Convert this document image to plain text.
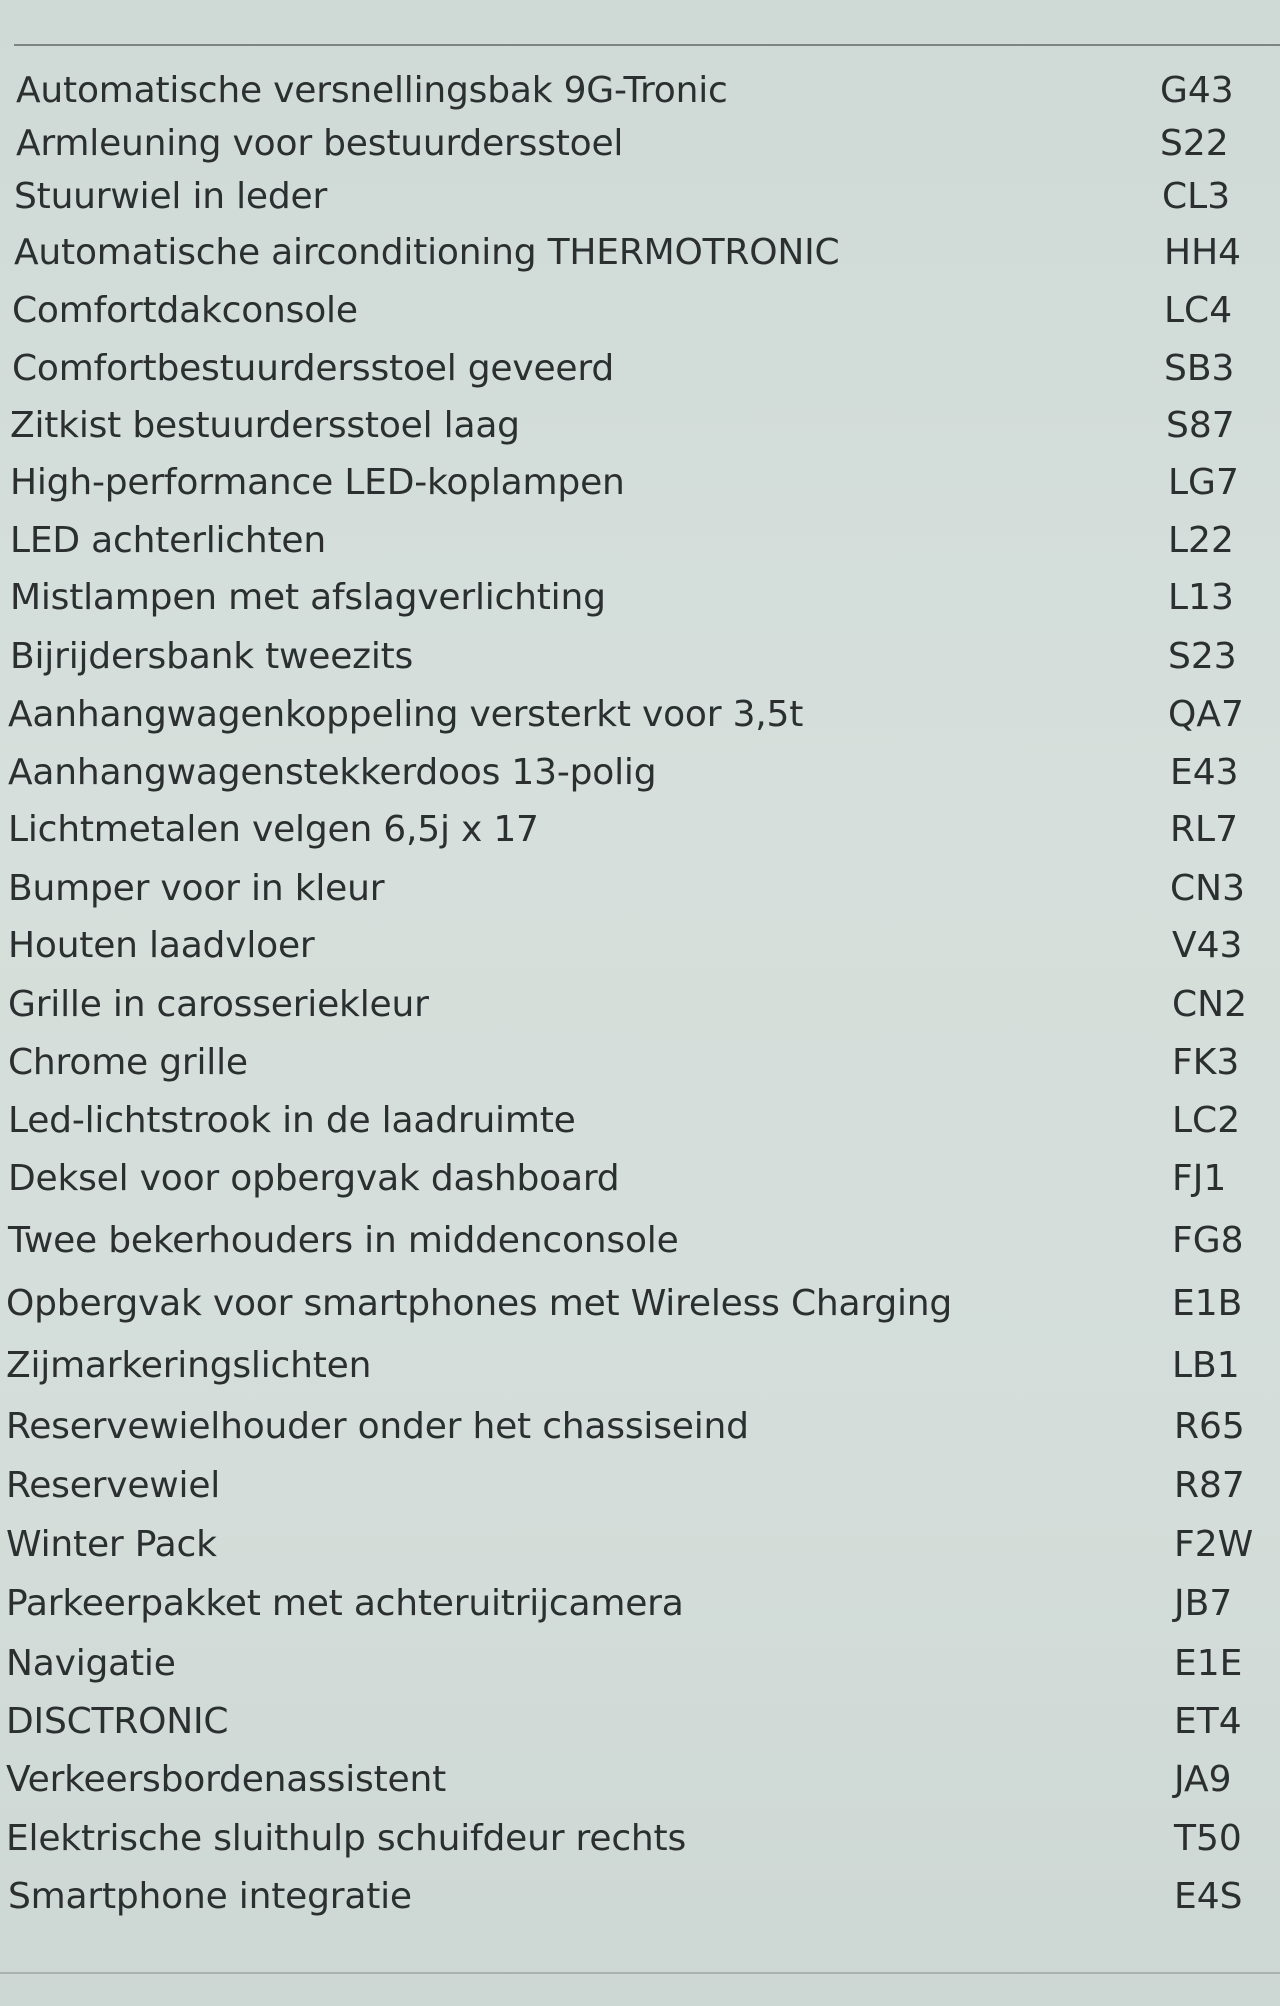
Automatische versnellingsbak 9G-Tronic	G43
Armleuning voor bestuurdersstoel	S22
Stuurwiel in leder	CL3
Automatische airconditioning THERMOTRONIC	HH4
Comfortdakconsole	LC4
Comfortbestuurdersstoel geveerd	SB3
Zitkist bestuurdersstoel laag	S87
High-performance LED-koplampen	LG7
LED achterlichten	L22
Mistlampen met afslagverlichting	L13
Bijrijdersbank tweezits	S23
Aanhangwagenkoppeling versterkt voor 3,5t	QA7
Aanhangwagenstekkerdoos 13-polig	E43
Lichtmetalen velgen 6,5j x 17	RL7
Bumper voor in kleur	CN3
Houten laadvloer	V43
Grille in carosseriekleur	CN2
Chrome grille	FK3
Led-lichtstrook in de laadruimte	LC2
Deksel voor opbergvak dashboard	FJ1
Twee bekerhouders in middenconsole	FG8
Opbergvak voor smartphones met Wireless Charging	E1B
Zijmarkeringslichten	LB1
Reservewielhouder onder het chassiseind	R65
Reservewiel	R87
Winter Pack	F2W
Parkeerpakket met achteruitrijcamera	JB7
Navigatie	E1E
DISCTRONIC	ET4
Verkeersbordenassistent	JA9
Elektrische sluithulp schuifdeur rechts	T50
Smartphone integratie	E4S
